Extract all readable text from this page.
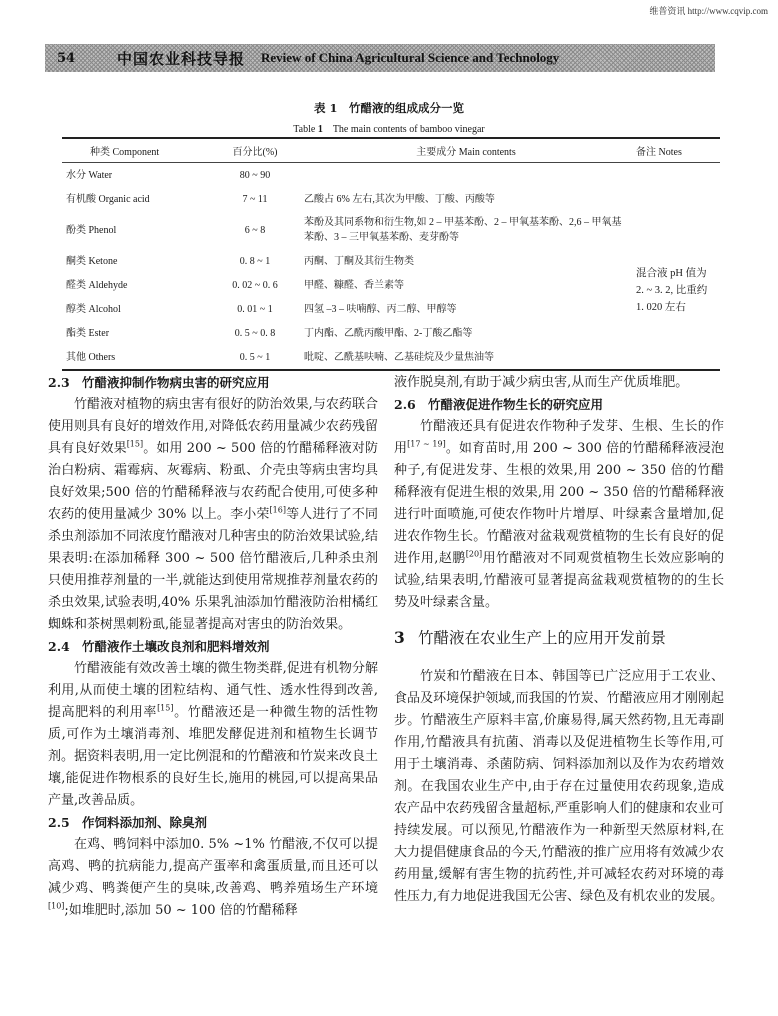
维普资讯 http://www.cqvip.com
54	中国农业科技导报 Review of China Agricultural Science and Technology
表 1　竹醋液的组成成分一览
Table 1　The main contents of bamboo vinegar
种类 Component	百分比(%)	主要成分 Main contents	备注 Notes
水分 Water	80 ~ 90		
有机酸 Organic acid	7 ~ 11	乙酸占 6% 左右,其次为甲酸、丁酸、丙酸等	
酚类 Phenol	6 ~ 8	苯酚及其同系物和衍生物,如 2 – 甲基苯酚、2 – 甲氧基苯酚、2,6 – 甲氧基苯酚、3 – 三甲氧基苯酚、麦芽酚等	混合液 pH 值为 2. ~ 3. 2, 比重约 1. 020 左右
酮类 Ketone	0. 8 ~ 1	丙酮、丁酮及其衍生物类	
醛类 Aldehyde	0. 02 ~ 0. 6	甲醛、糠醛、香兰素等	
醇类 Alcohol	0. 01 ~ 1	四氢 –3 – 呋喃醇、丙二醇、甲醇等	
酯类 Ester	0. 5 ~ 0. 8	丁内酯、乙酰丙酸甲酯、2-丁酸乙酯等	
其他 Others	0. 5 ~ 1	吡啶、乙酰基呋喃、乙基硅烷及少量焦油等	
2.3 竹醋液抑制作物病虫害的研究应用

竹醋液对植物的病虫害有很好的防治效果,与农药联合使用则具有良好的增效作用,对降低农药用量减少农药残留具有良好效果[15]。如用 200 ~ 500 倍的竹醋稀释液对防治白粉病、霜霉病、灰霉病、粉虱、介壳虫等病虫害均具良好效果;500 倍的竹醋稀释液与农药配合使用,可使多种农药的使用量减少 30% 以上。李小荣[16]等人进行了不同杀虫剂添加不同浓度竹醋液对几种害虫的防治效果试验,结果表明:在添加稀释 300 ~ 500 倍竹醋液后,几种杀虫剂只使用推荐剂量的一半,就能达到使用常规推荐剂量农药的杀虫效果,试验表明,40% 乐果乳油添加竹醋液防治柑橘红蜘蛛和茶树黑刺粉虱,能显著提高对害虫的防治效果。

2.4 竹醋液作土壤改良剂和肥料增效剂

竹醋液能有效改善土壤的微生物类群,促进有机物分解利用,从而使土壤的团粒结构、通气性、透水性得到改善,提高肥料的利用率[15]。竹醋液还是一种微生物的活性物质,可作为土壤消毒剂、堆肥发酵促进剂和植物生长调节剂。据资料表明,用一定比例混和的竹醋液和竹炭来改良土壤,能促进作物根系的良好生长,施用的桃园,可以提高果品产量,改善品质。

2.5 作饲料添加剂、除臭剂

在鸡、鸭饲料中添加0. 5% ~1% 竹醋液,不仅可以提高鸡、鸭的抗病能力,提高产蛋率和禽蛋质量,而且还可以减少鸡、鸭粪便产生的臭味,改善鸡、鸭养殖场生产环境[10];如堆肥时,添加 50 ~ 100 倍的竹醋稀释

液作脱臭剂,有助于减少病虫害,从而生产优质堆肥。

2.6 竹醋液促进作物生长的研究应用

竹醋液还具有促进农作物种子发芽、生根、生长的作用[17 ~ 19]。如育苗时,用 200 ~ 300 倍的竹醋稀释液浸泡种子,有促进发芽、生根的效果,用 200 ~ 350 倍的竹醋稀释液有促进生根的效果,用 200 ~ 350 倍的竹醋稀释液进行叶面喷施,可使农作物叶片增厚、叶绿素含量增加,促进农作物生长。竹醋液对盆栽观赏植物的生长有良好的促进作用,赵鹏[20]用竹醋液对不同观赏植物生长效应影响的试验,结果表明,竹醋液可显著提高盆栽观赏植物的的生长势及叶绿素含量。

3 竹醋液在农业生产上的应用开发前景

竹炭和竹醋液在日本、韩国等已广泛应用于工农业、食品及环境保护领域,而我国的竹炭、竹醋液应用才刚刚起步。竹醋液生产原料丰富,价廉易得,属天然药物,且无毒副作用,竹醋液具有抗菌、消毒以及促进植物生长等作用,可用于土壤消毒、杀菌防病、饲料添加剂以及作为农药增效剂。在我国农业生产中,由于存在过量使用农药现象,造成农产品中农药残留含量超标,严重影响人们的健康和农业可持续发展。可以预见,竹醋液作为一种新型天然原材料,在大力提倡健康食品的今天,竹醋液的推广应用将有效减少农药用量,缓解有害生物的抗药性,并可减轻农药对环境的毒性压力,有力地促进我国无公害、绿色及有机农业的发展。
